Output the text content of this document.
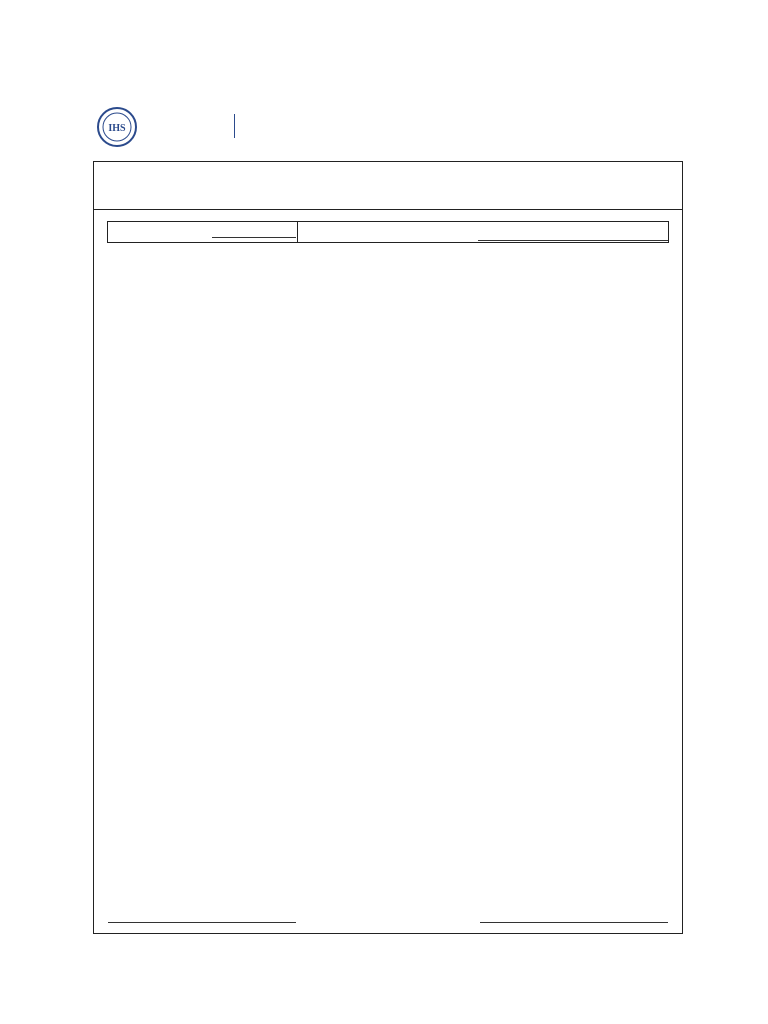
IHS
